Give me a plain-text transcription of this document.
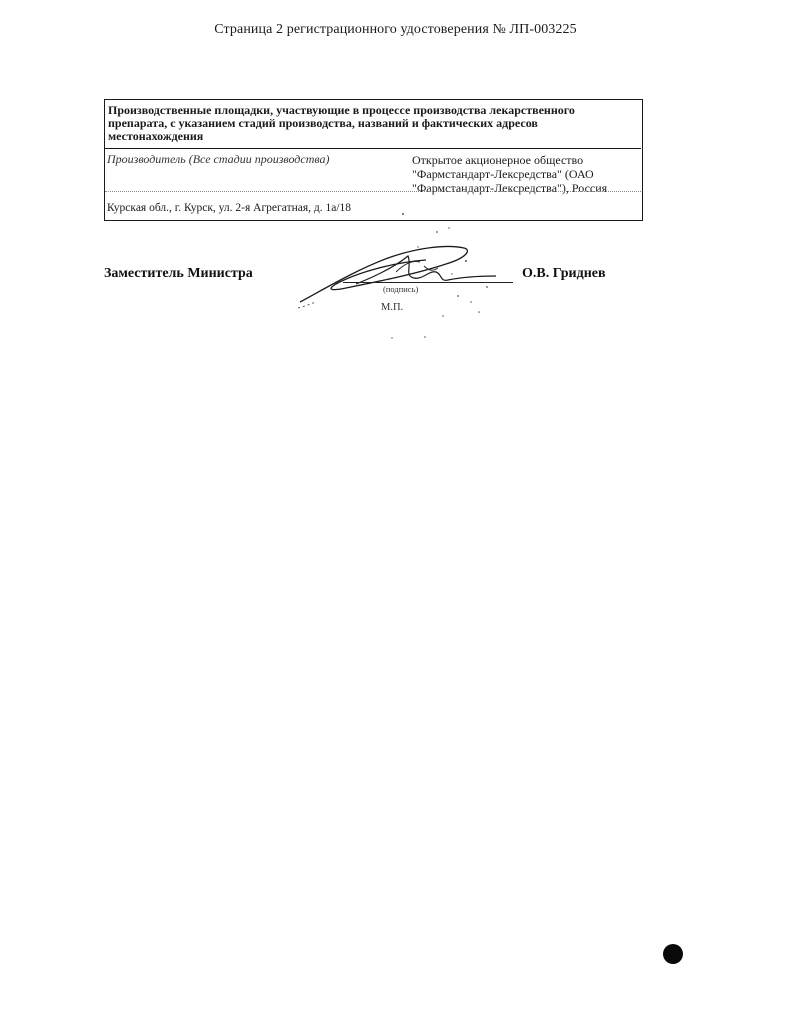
Страница 2 регистрационного удостоверения № ЛП-003225
Производственные площадки, участвующие в процессе производства лекарственного препарата, с указанием стадий производства, названий и фактических адресов местонахождения
Производитель (Все стадии производства)	Открытое акционерное общество "Фармстандарт-Лексредства" (ОАО "Фармстандарт-Лексредства"), Россия
Курская обл., г. Курск, ул. 2-я Агрегатная, д. 1а/18
Заместитель Министра
(подпись)
М.П.
О.В. Гриднев
